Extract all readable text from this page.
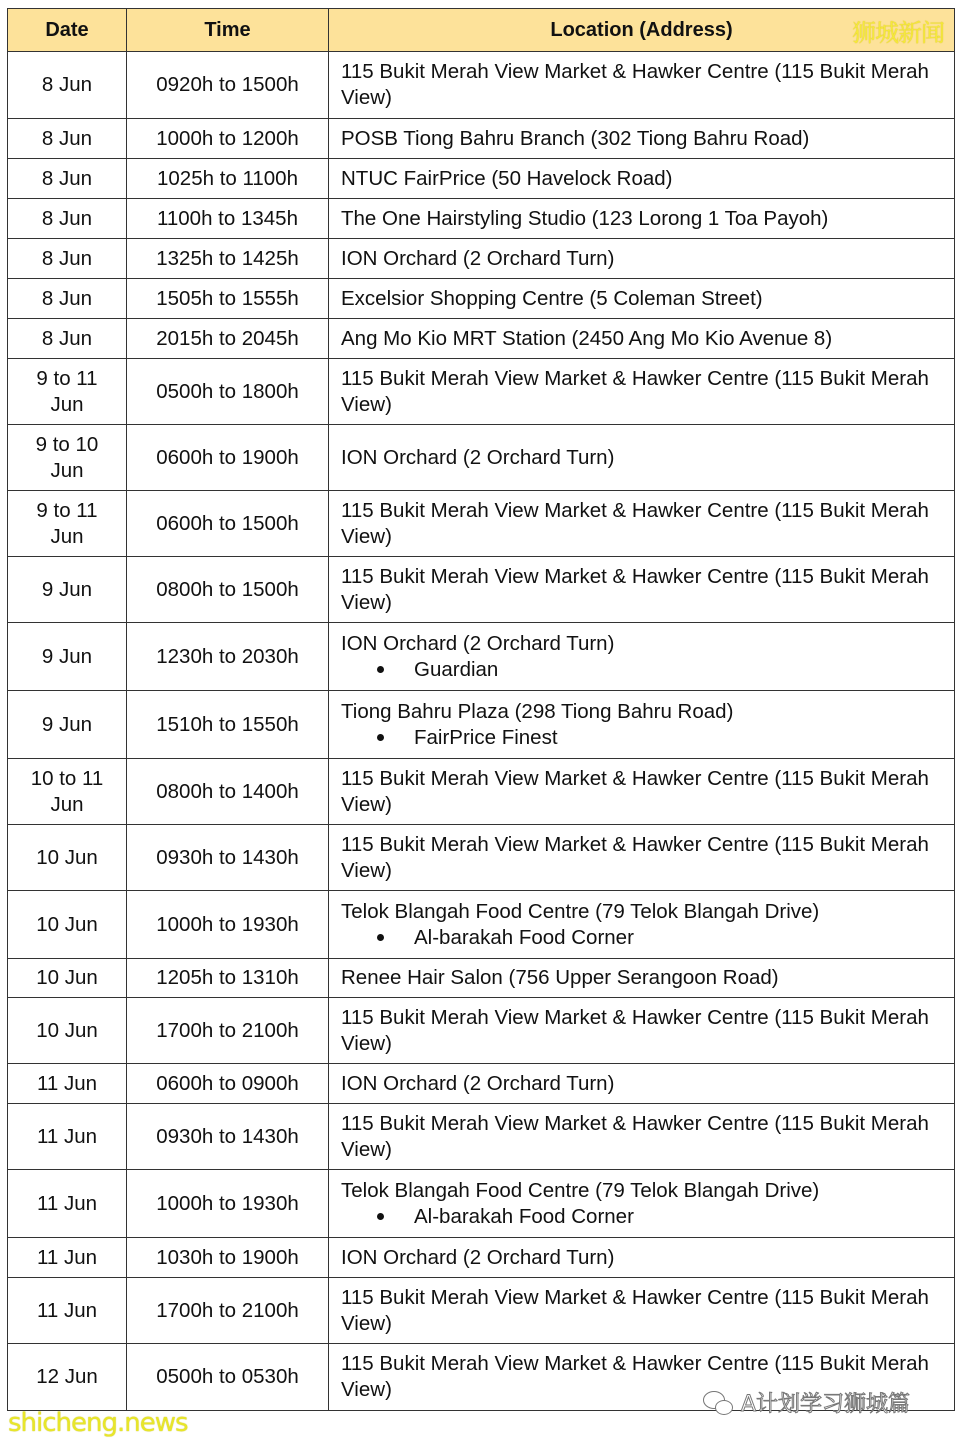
Date	Time	Location (Address) 狮城新闻

8 Jun	0920h to 1500h	115 Bukit Merah View Market & Hawker Centre (115 Bukit Merah View)

8 Jun	1000h to 1200h	POSB Tiong Bahru Branch (302 Tiong Bahru Road)

8 Jun	1025h to 1100h	NTUC FairPrice (50 Havelock Road)

8 Jun	1100h to 1345h	The One Hairstyling Studio (123 Lorong 1 Toa Payoh)

8 Jun	1325h to 1425h	ION Orchard (2 Orchard Turn)

8 Jun	1505h to 1555h	Excelsior Shopping Centre (5 Coleman Street)

8 Jun	2015h to 2045h	Ang Mo Kio MRT Station (2450 Ang Mo Kio Avenue 8)

9 to 11 Jun	0500h to 1800h	115 Bukit Merah View Market & Hawker Centre (115 Bukit Merah View)

9 to 10 Jun	0600h to 1900h	ION Orchard (2 Orchard Turn)

9 to 11 Jun	0600h to 1500h	115 Bukit Merah View Market & Hawker Centre (115 Bukit Merah View)

9 Jun	0800h to 1500h	115 Bukit Merah View Market & Hawker Centre (115 Bukit Merah View)

9 Jun	1230h to 2030h	ION Orchard (2 Orchard Turn)
Guardian

9 Jun	1510h to 1550h	Tiong Bahru Plaza (298 Tiong Bahru Road)
FairPrice Finest

10 to 11 Jun	0800h to 1400h	115 Bukit Merah View Market & Hawker Centre (115 Bukit Merah View)

10 Jun	0930h to 1430h	115 Bukit Merah View Market & Hawker Centre (115 Bukit Merah View)

10 Jun	1000h to 1930h	Telok Blangah Food Centre (79 Telok Blangah Drive)
Al-barakah Food Corner

10 Jun	1205h to 1310h	Renee Hair Salon (756 Upper Serangoon Road)

10 Jun	1700h to 2100h	115 Bukit Merah View Market & Hawker Centre (115 Bukit Merah View)

11 Jun	0600h to 0900h	ION Orchard (2 Orchard Turn)

11 Jun	0930h to 1430h	115 Bukit Merah View Market & Hawker Centre (115 Bukit Merah View)

11 Jun	1000h to 1930h	Telok Blangah Food Centre (79 Telok Blangah Drive)
Al-barakah Food Corner

11 Jun	1030h to 1900h	ION Orchard (2 Orchard Turn)

11 Jun	1700h to 2100h	115 Bukit Merah View Market & Hawker Centre (115 Bukit Merah View)

12 Jun	0500h to 0530h	115 Bukit Merah View Market & Hawker Centre (115 Bukit Merah View)
shicheng.news
A计划学习狮城篇
